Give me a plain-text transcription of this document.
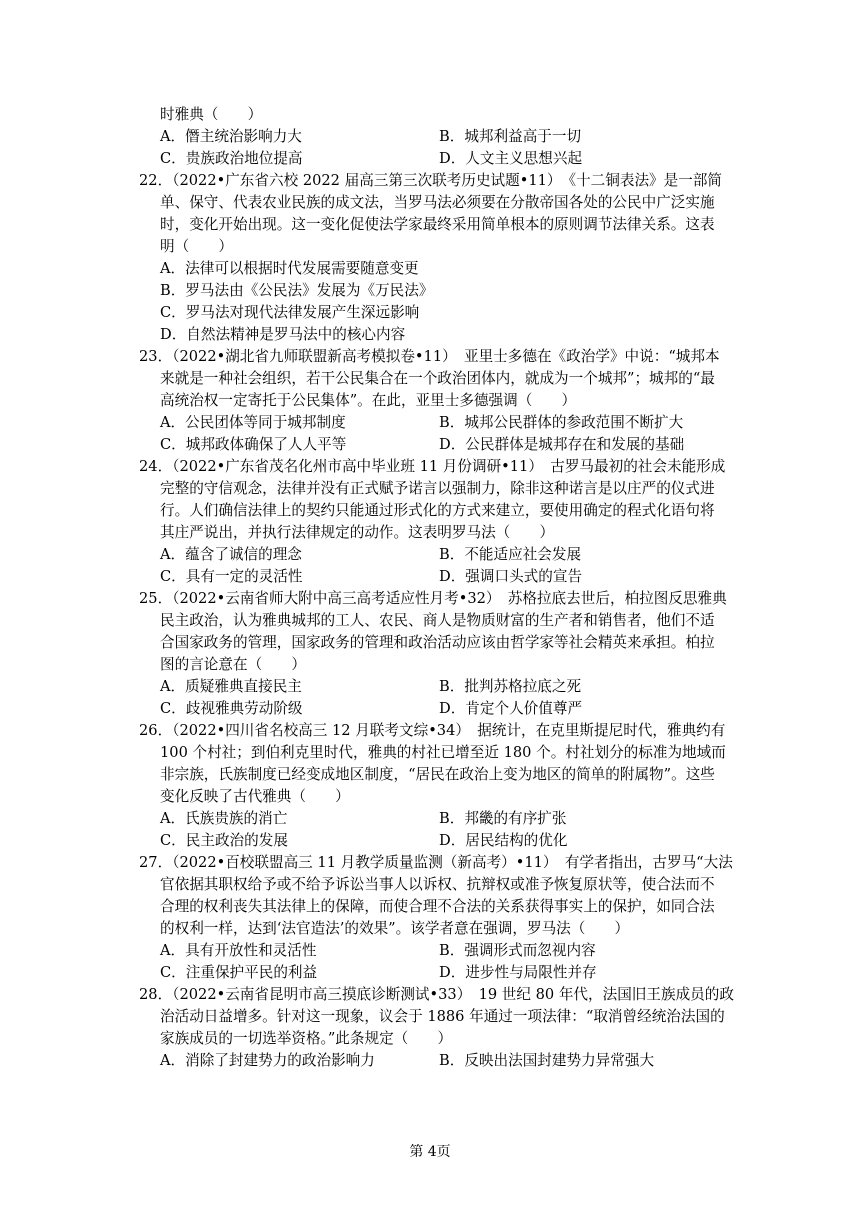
时雅典（　　）
A．僭主统治影响力大	B．城邦利益高于一切
C．贵族政治地位提高	D．人文主义思想兴起
22．（2022•广东省六校 2022 届高三第三次联考历史试题•11）　《十二铜表法》是一部简
单、保守、代表农业民族的成文法，当罗马法必须要在分散帝国各处的公民中广泛实施
时，变化开始出现。这一变化促使法学家最终采用简单根本的原则调节法律关系。这表
明（　　）
A．法律可以根据时代发展需要随意变更
B．罗马法由《公民法》发展为《万民法》
C．罗马法对现代法律发展产生深远影响
D．自然法精神是罗马法中的核心内容
23．（2022•湖北省九师联盟新高考模拟卷•11）　亚里士多德在《政治学》中说：“城邦本
来就是一种社会组织，若干公民集合在一个政治团体内，就成为一个城邦”；城邦的“最
高统治权一定寄托于公民集体”。在此，亚里士多德强调（　　）
A．公民团体等同于城邦制度	B．城邦公民群体的参政范围不断扩大
C．城邦政体确保了人人平等	D．公民群体是城邦存在和发展的基础
24．（2022•广东省茂名化州市高中毕业班 11 月份调研•11）　古罗马最初的社会未能形成
完整的守信观念，法律并没有正式赋予诺言以强制力，除非这种诺言是以庄严的仪式进
行。人们确信法律上的契约只能通过形式化的方式来建立，要使用确定的程式化语句将
其庄严说出，并执行法律规定的动作。这表明罗马法（　　）
A．蕴含了诚信的理念	B．不能适应社会发展
C．具有一定的灵活性	D．强调口头式的宣告
25．（2022•云南省师大附中高三高考适应性月考•32）　苏格拉底去世后，柏拉图反思雅典
民主政治，认为雅典城邦的工人、农民、商人是物质财富的生产者和销售者，他们不适
合国家政务的管理，国家政务的管理和政治活动应该由哲学家等社会精英来承担。柏拉
图的言论意在（　　）
A．质疑雅典直接民主	B．批判苏格拉底之死
C．歧视雅典劳动阶级	D．肯定个人价值尊严
26．（2022•四川省名校高三 12 月联考文综•34）　据统计，在克里斯提尼时代，雅典约有
100 个村社；到伯利克里时代，雅典的村社已增至近 180 个。村社划分的标准为地域而
非宗族，氏族制度已经变成地区制度，“居民在政治上变为地区的简单的附属物”。这些
变化反映了古代雅典（　　）
A．氏族贵族的消亡	B．邦畿的有序扩张
C．民主政治的发展	D．居民结构的优化
27．（2022•百校联盟高三 11 月教学质量监测（新高考）•11）　有学者指出，古罗马“大法
官依据其职权给予或不给予诉讼当事人以诉权、抗辩权或准予恢复原状等，使合法而不
合理的权利丧失其法律上的保障，而使合理不合法的关系获得事实上的保护，如同合法
的权利一样，达到‘法官造法’的效果”。该学者意在强调，罗马法（　　）
A．具有开放性和灵活性	B．强调形式而忽视内容
C．注重保护平民的利益	D．进步性与局限性并存
28．（2022•云南省昆明市高三摸底诊断测试•33）　19 世纪 80 年代，法国旧王族成员的政
治活动日益增多。针对这一现象，议会于 1886 年通过一项法律：“取消曾经统治法国的
家族成员的一切选举资格。”此条规定（　　）
A．消除了封建势力的政治影响力	B．反映出法国封建势力异常强大
第 4页
